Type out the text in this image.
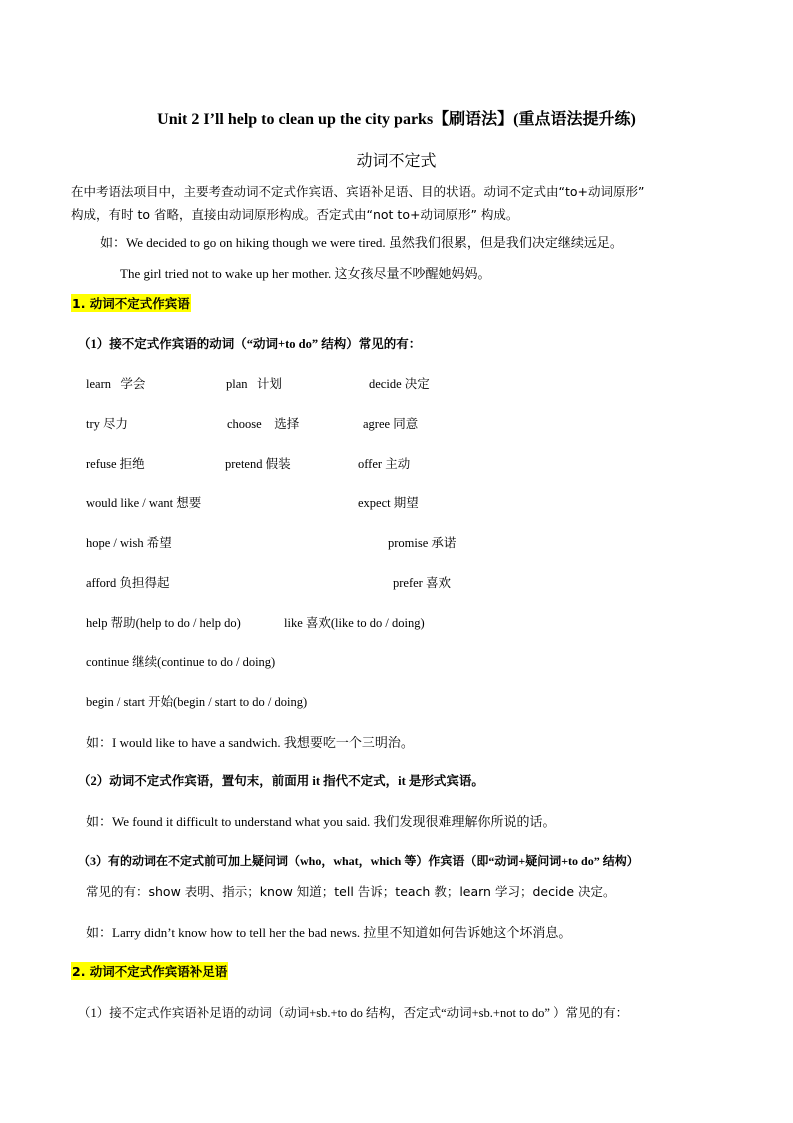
Unit 2 I’ll help to clean up the city parks【刷语法】(重点语法提升练)
动词不定式
在中考语法项目中，主要考查动词不定式作宾语、宾语补足语、目的状语。动词不定式由“to+动词原形”
构成，有时 to 省略，直接由动词原形构成。否定式由“not to+动词原形” 构成。
如：We decided to go on hiking though we were tired. 虽然我们很累，但是我们决定继续远足。
The girl tried not to wake up her mother. 这女孩尽量不吵醒她妈妈。
1. 动词不定式作宾语
（1）接不定式作宾语的动词（“动词+to do” 结构）常见的有：
learn 学会	plan 计划	decide 决定
try 尽力	choose 选择	agree 同意
refuse 拒绝	pretend 假装	offer 主动
would like / want 想要	expect 期望
hope / wish 希望	promise 承诺
afford 负担得起	prefer 喜欢
help 帮助(help to do / help do)	like 喜欢(like to do / doing)
continue 继续(continue to do / doing)
begin / start 开始(begin / start to do / doing)
如：I would like to have a sandwich. 我想要吃一个三明治。
（2）动词不定式作宾语，置句末，前面用 it 指代不定式，it 是形式宾语。
如：We found it difficult to understand what you said. 我们发现很难理解你所说的话。
（3）有的动词在不定式前可加上疑问词（who，what，which 等）作宾语（即“动词+疑问词+to do” 结构）
常见的有：show 表明、指示；know 知道；tell 告诉；teach 教；learn 学习；decide 决定。
如：Larry didn’t know how to tell her the bad news. 拉里不知道如何告诉她这个坏消息。
2. 动词不定式作宾语补足语
（1）接不定式作宾语补足语的动词（动词+sb.+to do 结构，否定式“动词+sb.+not to do” ）常见的有：
